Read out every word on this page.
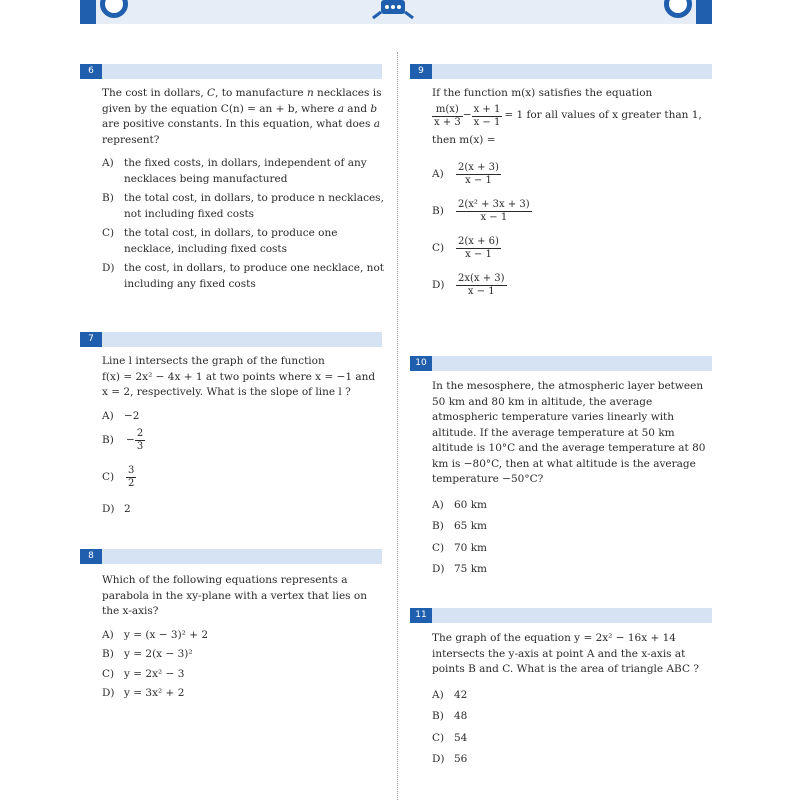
6
The cost in dollars, C, to manufacture n necklaces is given by the equation C(n) = an + b, where a and b are positive constants. In this equation, what does a represent?
A) the fixed costs, in dollars, independent of any necklaces being manufactured
B) the total cost, in dollars, to produce n necklaces, not including fixed costs
C) the total cost, in dollars, to produce one necklace, including fixed costs
D) the cost, in dollars, to produce one necklace, not including any fixed costs
7
Line l intersects the graph of the function
f(x) = 2x² − 4x + 1 at two points where x = −1 and
x = 2, respectively. What is the slope of line l ?
A) −2
B)	− $\frac{2}{3}$
C)	$\frac{3}{2}$
D) 2
8
Which of the following equations represents a parabola in the xy-plane with a vertex that lies on the x-axis?
A) y = (x − 3)² + 2
B) y = 2(x − 3)²
C) y = 2x² − 3
D) y = 3x² + 2
9
If the function m(x) satisfies the equation
$\frac{m(x)}{x + 3} - \frac{x + 1}{x - 1} = 1$ for all values of x greater than 1,
then m(x) =
A)	$\frac{2(x + 3)}{x - 1}$
B)	$\frac{\text{2(x² + 3x + 3)}}{x - 1}$
C)	$\frac{2(x + 6)}{x - 1}$
D)	$\frac{2x(x + 3)}{x - 1}$
10
In the mesosphere, the atmospheric layer between 50 km and 80 km in altitude, the average atmospheric temperature varies linearly with altitude. If the average temperature at 50 km altitude is 10°C and the average temperature at 80 km is −80°C, then at what altitude is the average temperature −50°C?
A) 60 km
B) 65 km
C) 70 km
D) 75 km
11
The graph of the equation y = 2x² − 16x + 14 intersects the y-axis at point A and the x-axis at points B and C. What is the area of triangle ABC ?
A) 42
B) 48
C) 54
D) 56
